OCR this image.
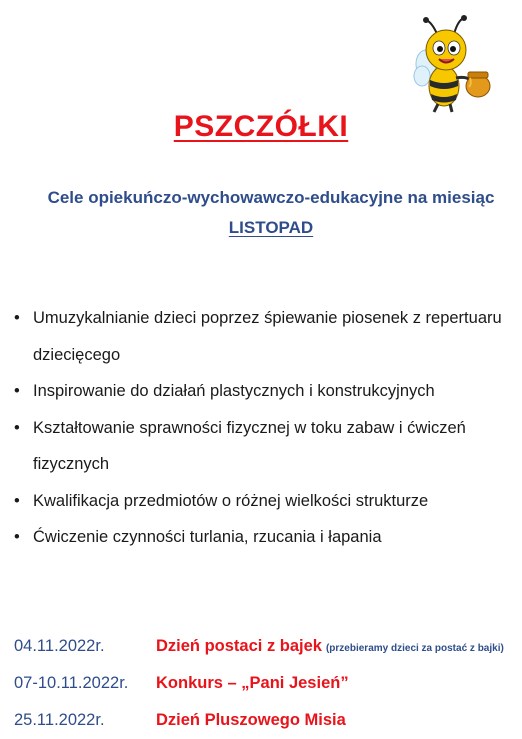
PSZCZÓŁKI
Cele opiekuńczo-wychowawczo-edukacyjne na miesiąc
LISTOPAD
• Umuzykalnianie dzieci poprzez śpiewanie piosenek z repertuaru dziecięcego
• Inspirowanie do działań plastycznych i konstrukcyjnych
• Kształtowanie sprawności fizycznej w toku zabaw i ćwiczeń fizycznych
• Kwalifikacja przedmiotów o różnej wielkości strukturze
• Ćwiczenie czynności turlania, rzucania i łapania
04.11.2022r.	Dzień postaci z bajek (przebieramy dzieci za postać z bajki)
07-10.11.2022r. Konkurs – „Pani Jesień”
25.11.2022r.	Dzień Pluszowego Misia
